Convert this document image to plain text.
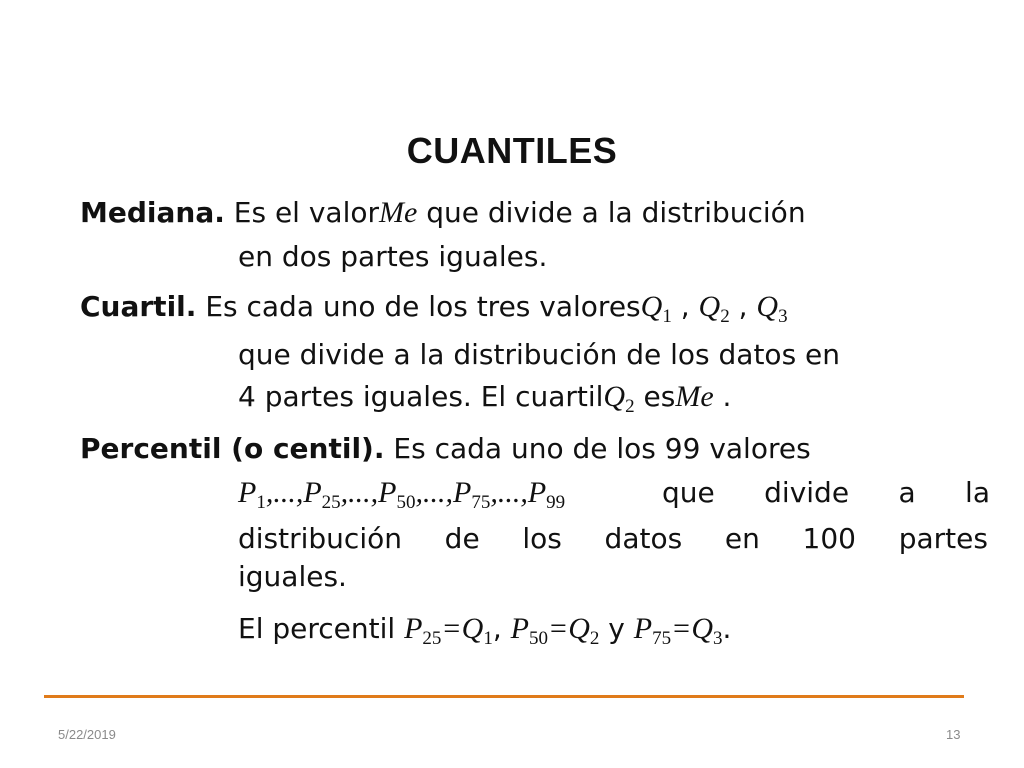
CUANTILES
Mediana. Es el valorMe que divide a la distribución
en dos partes iguales.
Cuartil. Es cada uno de los tres valoresQ$_1$ , $Q_2$ , $Q_3$
que divide a la distribución de los datos en
4 partes iguales. El cuartilQ$_2$ esMe .
Percentil (o centil). Es cada uno de los 99 valores
$P_1,...,P_{25},...,P_{50},...,P_{75},...,P_{99}$	que divide a la
distribución de los datos en 100 partes
iguales.
El percentil $P_{25}=Q_1$, $P_{50}=Q_2$ y $P_{75}=Q_3$.
5/22/2019	13
